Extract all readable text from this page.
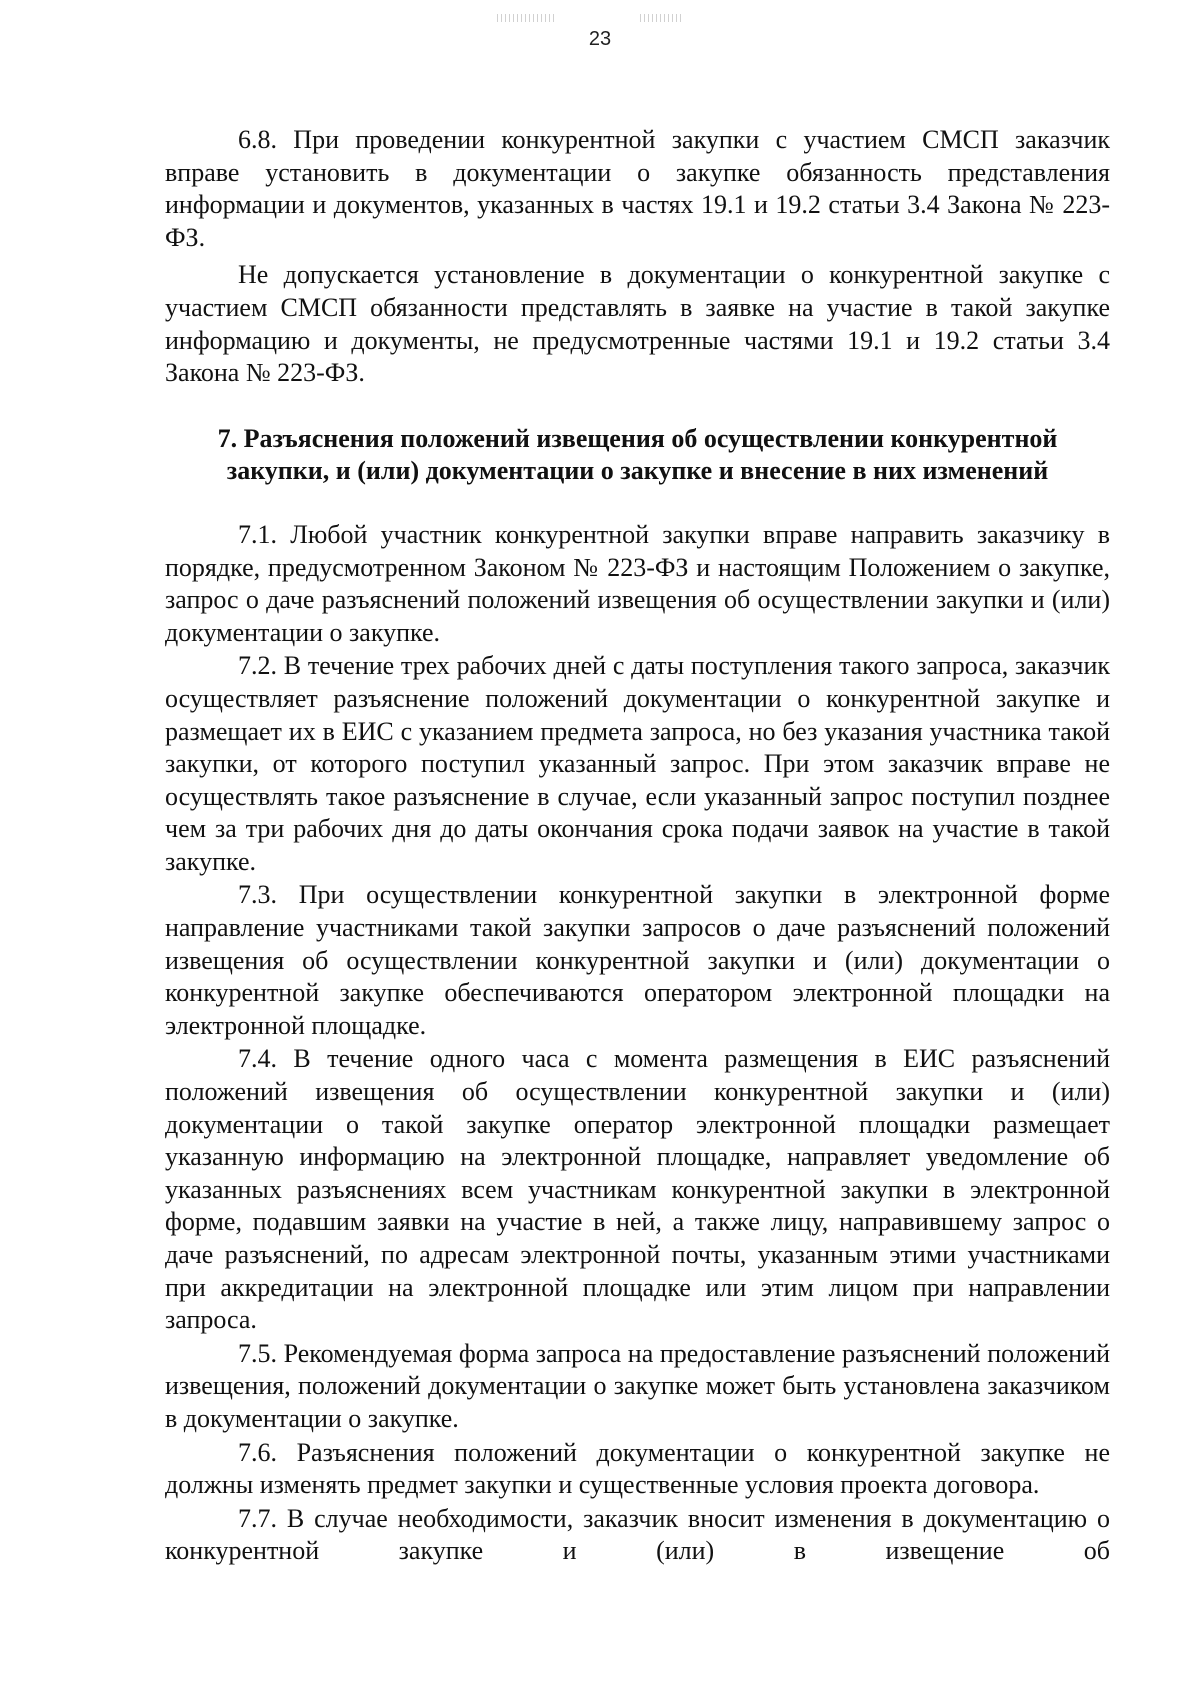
23

6.8. При проведении конкурентной закупки с участием СМСП заказчик вправе установить в документации о закупке обязанность представления информации и документов, указанных в частях 19.1 и 19.2 статьи 3.4 Закона № 223-ФЗ.

Не допускается установление в документации о конкурентной закупке с участием СМСП обязанности представлять в заявке на участие в такой закупке информацию и документы, не предусмотренные частями 19.1 и 19.2 статьи 3.4 Закона № 223-ФЗ.

7. Разъяснения положений извещения об осуществлении конкурентной закупки, и (или) документации о закупке и внесение в них изменений

7.1. Любой участник конкурентной закупки вправе направить заказчику в порядке, предусмотренном Законом № 223-ФЗ и настоящим Положением о закупке, запрос о даче разъяснений положений извещения об осуществлении закупки и (или) документации о закупке.

7.2. В течение трех рабочих дней с даты поступления такого запроса, заказчик осуществляет разъяснение положений документации о конкурентной закупке и размещает их в ЕИС с указанием предмета запроса, но без указания участника такой закупки, от которого поступил указанный запрос. При этом заказчик вправе не осуществлять такое разъяснение в случае, если указанный запрос поступил позднее чем за три рабочих дня до даты окончания срока подачи заявок на участие в такой закупке.

7.3. При осуществлении конкурентной закупки в электронной форме направление участниками такой закупки запросов о даче разъяснений положений извещения об осуществлении конкурентной закупки и (или) документации о конкурентной закупке обеспечиваются оператором электронной площадки на электронной площадке.

7.4. В течение одного часа с момента размещения в ЕИС разъяснений положений извещения об осуществлении конкурентной закупки и (или) документации о такой закупке оператор электронной площадки размещает указанную информацию на электронной площадке, направляет уведомление об указанных разъяснениях всем участникам конкурентной закупки в электронной форме, подавшим заявки на участие в ней, а также лицу, направившему запрос о даче разъяснений, по адресам электронной почты, указанным этими участниками при аккредитации на электронной площадке или этим лицом при направлении запроса.

7.5. Рекомендуемая форма запроса на предоставление разъяснений положений извещения, положений документации о закупке может быть установлена заказчиком в документации о закупке.

7.6. Разъяснения положений документации о конкурентной закупке не должны изменять предмет закупки и существенные условия проекта договора.

7.7. В случае необходимости, заказчик вносит изменения в документацию о конкурентной закупке и (или) в извещение об
